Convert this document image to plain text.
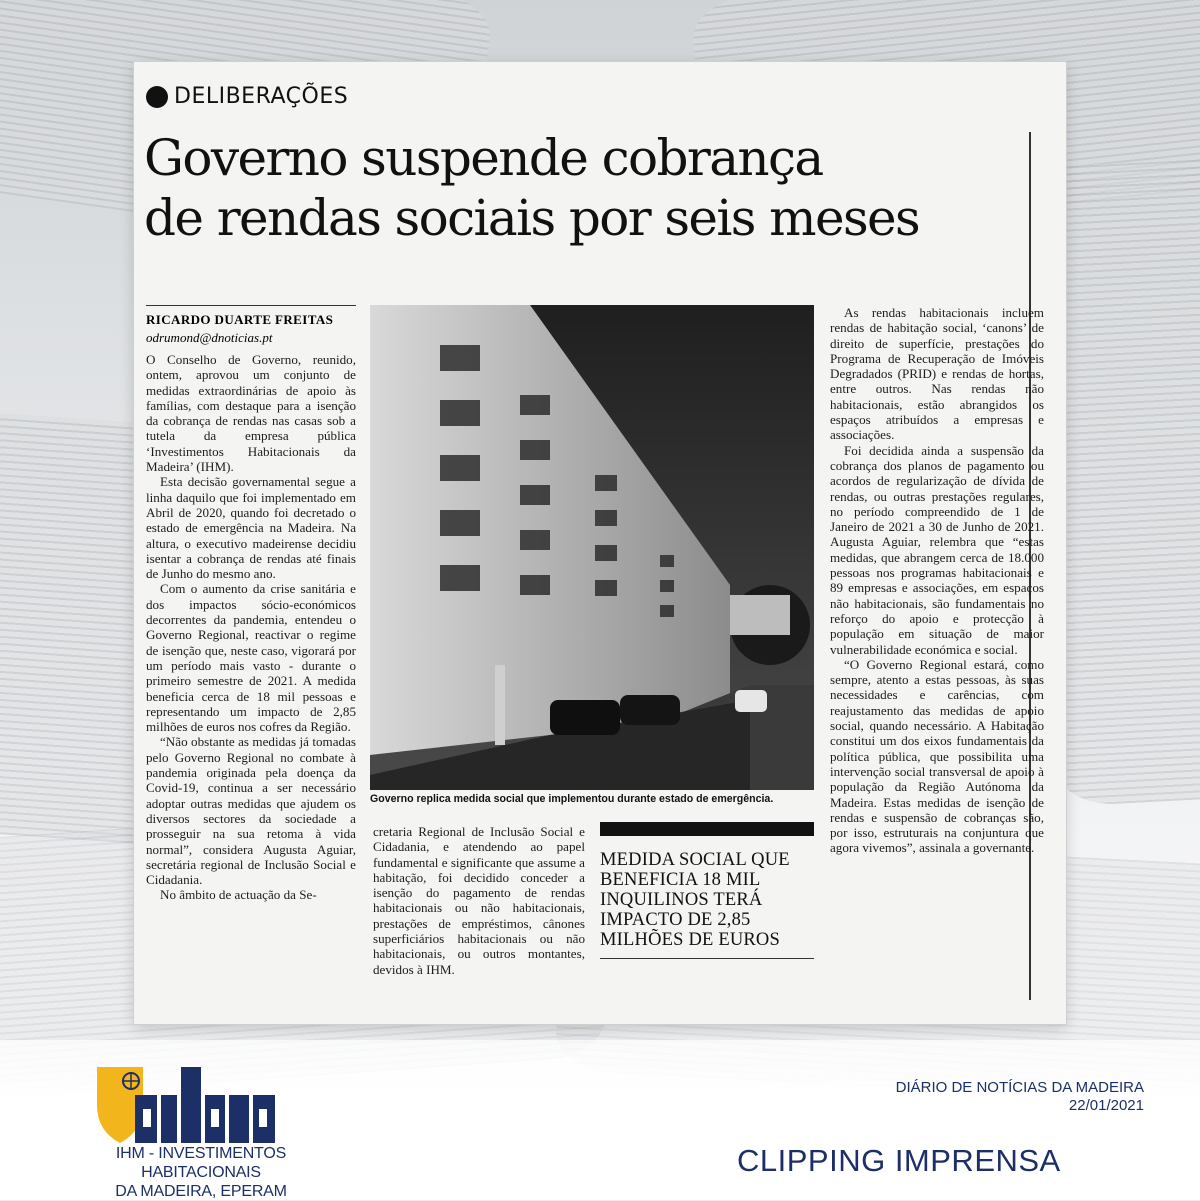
DELIBERAÇÕES
Governo suspende cobrança
de rendas sociais por seis meses
RICARDO DUARTE FREITAS
odrumond@dnoticias.pt

O Conselho de Governo, reunido, ontem, aprovou um conjunto de medidas extraordinárias de apoio às famílias, com destaque para a isenção da cobrança de rendas nas casas sob a tutela da empresa pública ‘Investimentos Habitacionais da Madeira’ (IHM).

Esta decisão governamental segue a linha daquilo que foi implementado em Abril de 2020, quando foi decretado o estado de emergência na Madeira. Na altura, o executivo madeirense decidiu isentar a cobrança de rendas até finais de Junho do mesmo ano.

Com o aumento da crise sanitária e dos impactos sócio-económicos decorrentes da pandemia, entendeu o Governo Regional, reactivar o regime de isenção que, neste caso, vigorará por um período mais vasto - durante o primeiro semestre de 2021. A medida beneficia cerca de 18 mil pessoas e representando um impacto de 2,85 milhões de euros nos cofres da Região.

“Não obstante as medidas já tomadas pelo Governo Regional no combate à pandemia originada pela doença da Covid-19, continua a ser necessário adoptar outras medidas que ajudem os diversos sectores da sociedade a prosseguir na sua retoma à vida normal”, considera Augusta Aguiar, secretária regional de Inclusão Social e Cidadania.

No âmbito de actuação da Se-

Governo replica medida social que implementou durante estado de emergência.

cretaria Regional de Inclusão Social e Cidadania, e atendendo ao papel fundamental e significante que assume a habitação, foi decidido conceder a isenção do pagamento de rendas habitacionais ou não habitacionais, prestações de empréstimos, cânones superficiários habitacionais ou não habitacionais, ou outros montantes, devidos à IHM.

MEDIDA SOCIAL QUE BENEFICIA 18 MIL INQUILINOS TERÁ IMPACTO DE 2,85 MILHÕES DE EUROS

As rendas habitacionais incluem rendas de habitação social, ‘canons’ de direito de superfície, prestações do Programa de Recuperação de Imóveis Degradados (PRID) e rendas de hortas, entre outros. Nas rendas não habitacionais, estão abrangidos os espaços atribuídos a empresas e associações.

Foi decidida ainda a suspensão da cobrança dos planos de pagamento ou acordos de regularização de dívida de rendas, ou outras prestações regulares, no período compreendido de 1 de Janeiro de 2021 a 30 de Junho de 2021. Augusta Aguiar, relembra que “estas medidas, que abrangem cerca de 18.000 pessoas nos programas habitacionais e 89 empresas e associações, em espaços não habitacionais, são fundamentais no reforço do apoio e protecção à população em situação de maior vulnerabilidade económica e social.

“O Governo Regional estará, como sempre, atento a estas pessoas, às suas necessidades e carências, com reajustamento das medidas de apoio social, quando necessário. A Habitação constitui um dos eixos fundamentais da política pública, que possibilita uma intervenção social transversal de apoio à população da Região Autónoma da Madeira. Estas medidas de isenção de rendas e suspensão de cobranças são, por isso, estruturais na conjuntura que agora vivemos”, assinala a governante.

IHM - INVESTIMENTOS HABITACIONAIS
DA MADEIRA, EPERAM
DIÁRIO DE NOTÍCIAS DA MADEIRA
22/01/2021
CLIPPING IMPRENSA
